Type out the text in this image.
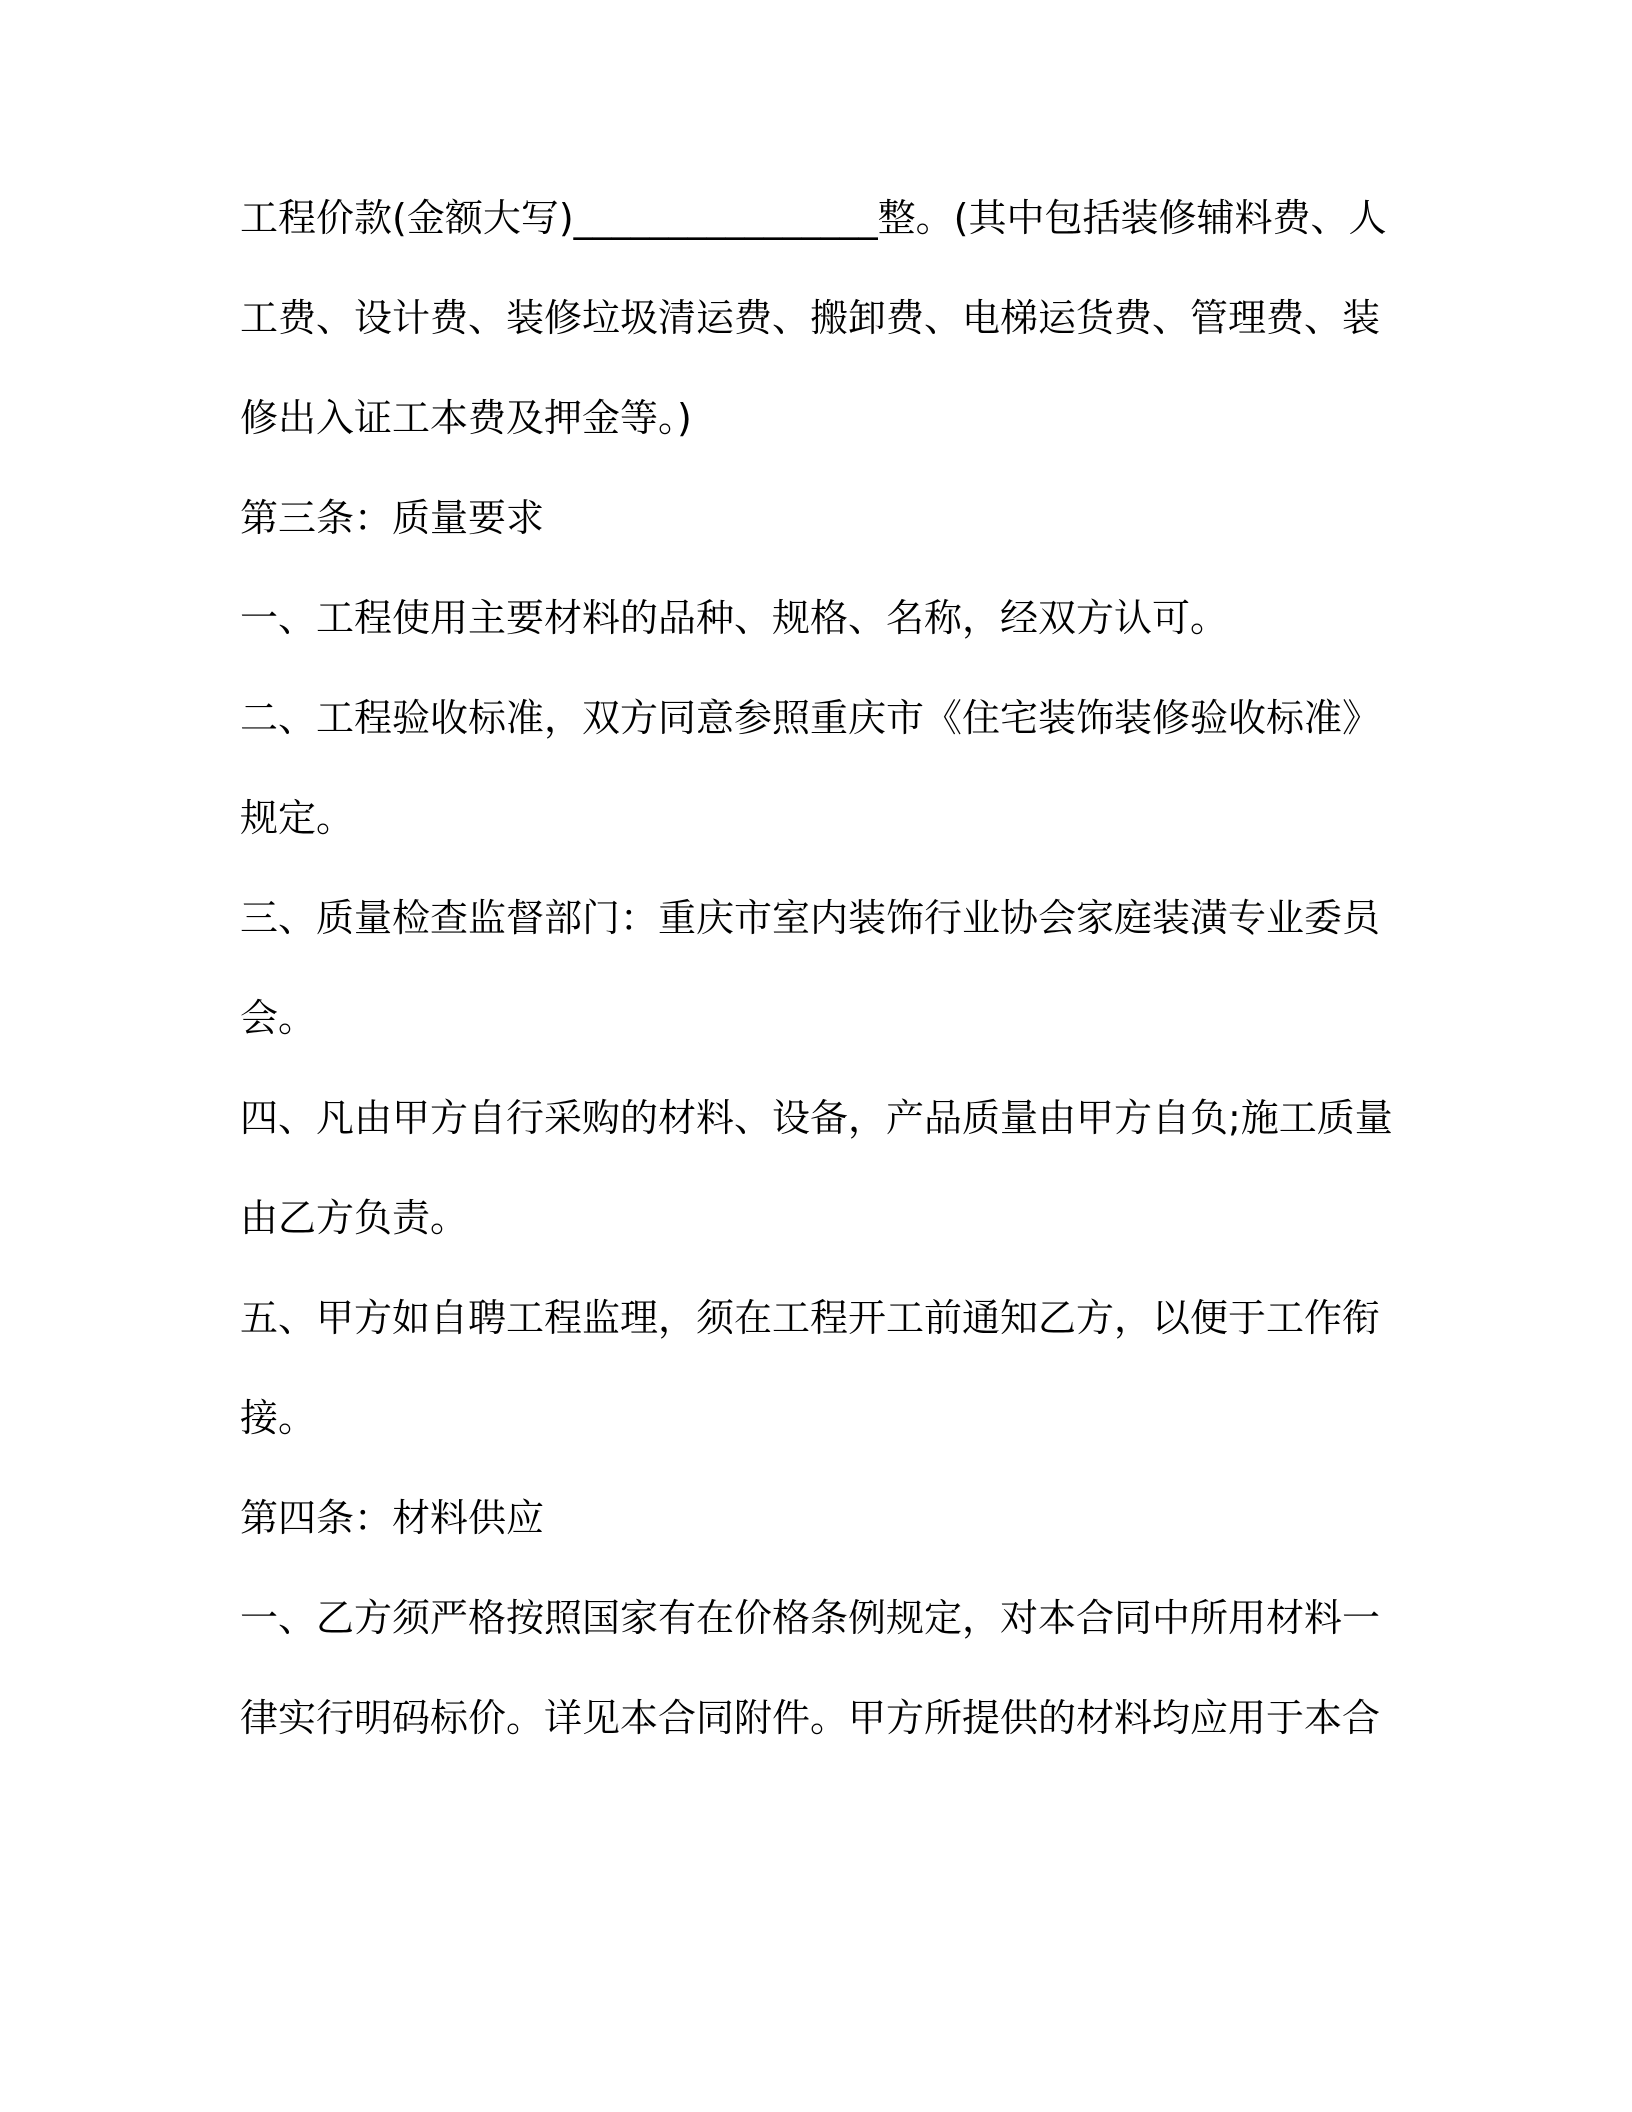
工程价款(金额大写)________________整。(其中包括装修辅料费、人
工费、设计费、装修垃圾清运费、搬卸费、电梯运货费、管理费、装
修出入证工本费及押金等。)
第三条：质量要求
一、工程使用主要材料的品种、规格、名称，经双方认可。
二、工程验收标准，双方同意参照重庆市《住宅装饰装修验收标准》
规定。
三、质量检查监督部门：重庆市室内装饰行业协会家庭装潢专业委员
会。
四、凡由甲方自行采购的材料、设备，产品质量由甲方自负;施工质量
由乙方负责。
五、甲方如自聘工程监理，须在工程开工前通知乙方，以便于工作衔
接。
第四条：材料供应
一、乙方须严格按照国家有在价格条例规定，对本合同中所用材料一
律实行明码标价。详见本合同附件。甲方所提供的材料均应用于本合
